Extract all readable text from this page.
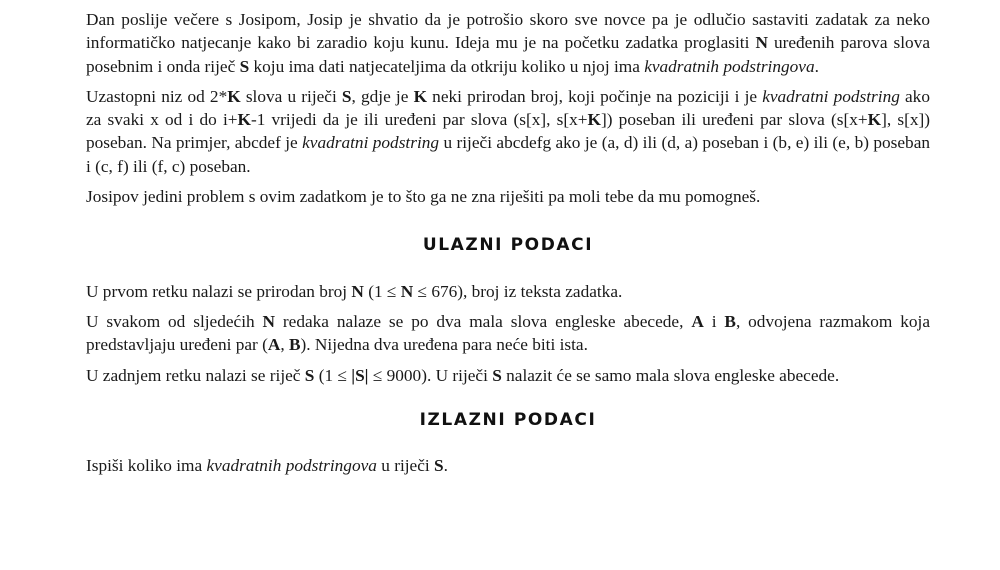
Dan poslije večere s Josipom, Josip je shvatio da je potrošio skoro sve novce pa je odlučio sastaviti zadatak za neko informatičko natjecanje kako bi zaradio koju kunu. Ideja mu je na početku zadatka proglasiti N uređenih parova slova posebnim i onda riječ S koju ima dati natjecateljima da otkriju koliko u njoj ima kvadratnih podstringova.

Uzastopni niz od 2*K slova u riječi S, gdje je K neki prirodan broj, koji počinje na poziciji i je kvadratni podstring ako za svaki x od i do i+K-1 vrijedi da je ili uređeni par slova (s[x], s[x+K]) poseban ili uređeni par slova (s[x+K], s[x]) poseban. Na primjer, abcdef je kvadratni podstring u riječi abcdefg ako je (a, d) ili (d, a) poseban i (b, e) ili (e, b) poseban i (c, f) ili (f, c) poseban.

Josipov jedini problem s ovim zadatkom je to što ga ne zna riješiti pa moli tebe da mu pomogneš.

ULAZNI PODACI

U prvom retku nalazi se prirodan broj N (1 ≤ N ≤ 676), broj iz teksta zadatka.

U svakom od sljedećih N redaka nalaze se po dva mala slova engleske abecede, A i B, odvojena razmakom koja predstavljaju uređeni par (A, B). Nijedna dva uređena para neće biti ista.

U zadnjem retku nalazi se riječ S (1 ≤ |S| ≤ 9000). U riječi S nalazit će se samo mala slova engleske abecede.

IZLAZNI PODACI

Ispiši koliko ima kvadratnih podstringova u riječi S.
